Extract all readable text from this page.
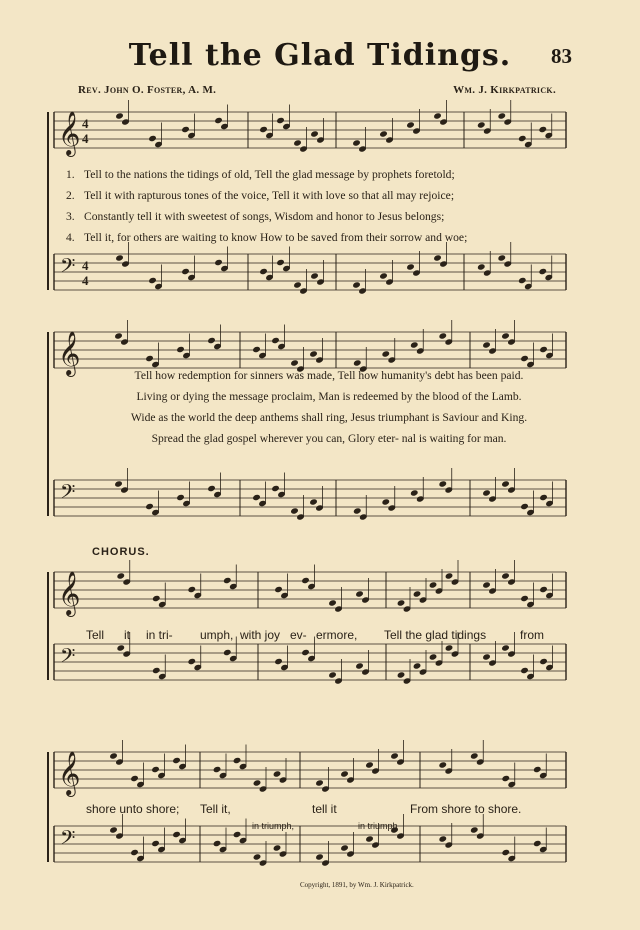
𝄞
𝄢
𝄞
𝄢
𝄞
𝄢
𝄞
𝄢
4
4
4
4
Tell the Glad Tidings.	83
Rev. John O. Foster, A. M.	Wm. J. Kirkpatrick.
1. Tell to the nations the tidings of old, Tell the glad message by prophets foretold;
2. Tell it with rapturous tones of the voice, Tell it with love so that all may rejoice;
3. Constantly tell it with sweetest of songs, Wisdom and honor to Jesus belongs;
4. Tell it, for others are waiting to know How to be saved from their sorrow and woe;
Tell how redemption for sinners was made, Tell how humanity's debt has been paid.
Living or dying the message proclaim, Man is redeemed by the blood of the Lamb.
Wide as the world the deep anthems shall ring, Jesus triumphant is Saviour and King.
Spread the glad gospel wherever you can, Glory eter- nal is waiting for man.
CHORUS.
Tell it in tri- umph, with joy ev- ermore, Tell the glad tidings	from
shore unto shore; Tell it,	tell it	From shore to shore.
in triumph,	in triumph
Copyright, 1891, by Wm. J. Kirkpatrick.
